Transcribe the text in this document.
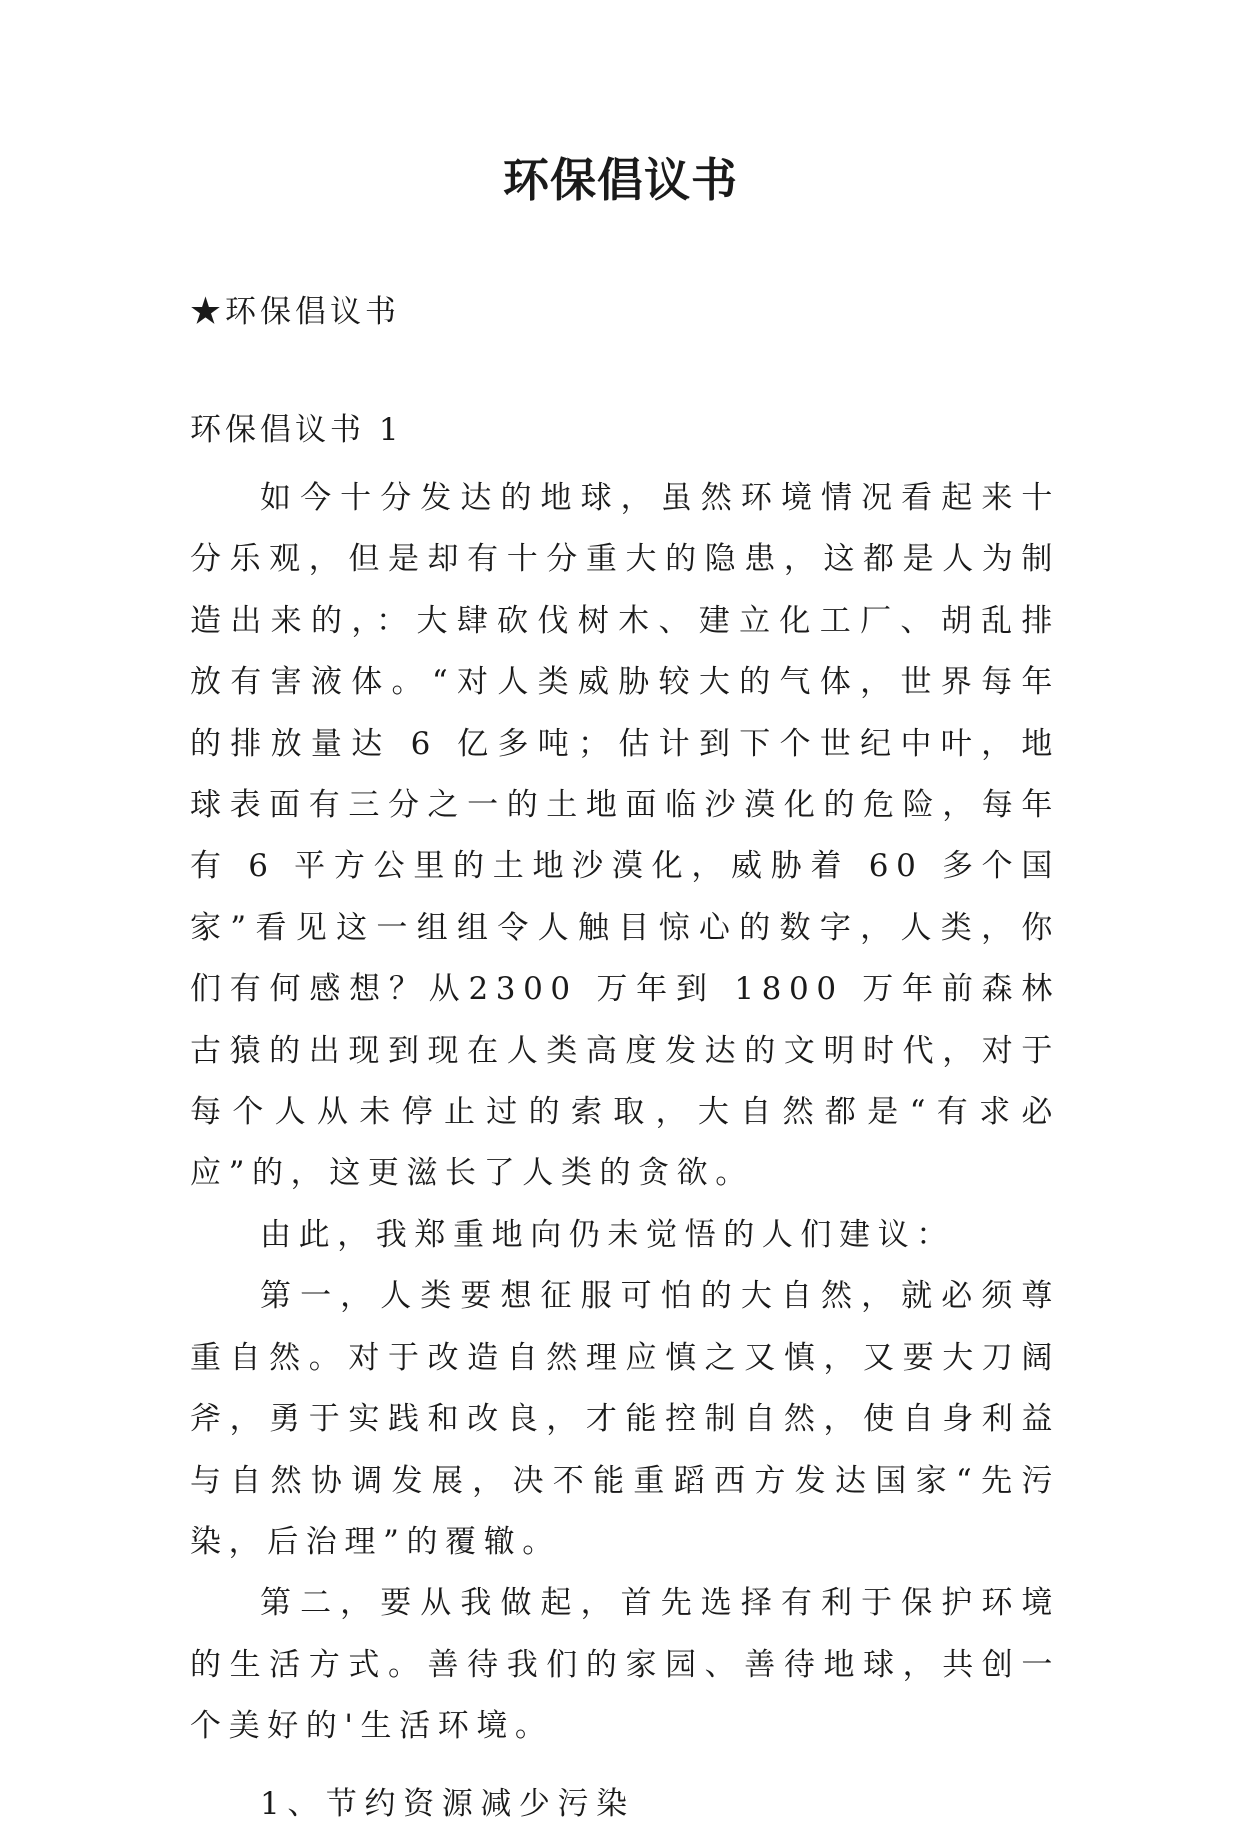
环保倡议书
★环保倡议书
环保倡议书 1

如今十分发达的地球，虽然环境情况看起来十分乐观，但是却有十分重大的隐患，这都是人为制造出来的，：大肆砍伐树木、建立化工厂、胡乱排放有害液体。“对人类威胁较大的气体，世界每年的排放量达 6 亿多吨；估计到下个世纪中叶，地球表面有三分之一的土地面临沙漠化的危险，每年有 6 平方公里的土地沙漠化，威胁着 60 多个国家”看见这一组组令人触目惊心的数字，人类，你们有何感想？从2300 万年到 1800 万年前森林古猿的出现到现在人类高度发达的文明时代，对于每个人从未停止过的索取，大自然都是“有求必应”的，这更滋长了人类的贪欲。

由此，我郑重地向仍未觉悟的人们建议：

第一，人类要想征服可怕的大自然，就必须尊重自然。对于改造自然理应慎之又慎，又要大刀阔斧，勇于实践和改良，才能控制自然，使自身利益与自然协调发展，决不能重蹈西方发达国家“先污染，后治理”的覆辙。

第二，要从我做起，首先选择有利于保护环境的生活方式。善待我们的家园、善待地球，共创一个美好的'生活环境。

1、节约资源减少污染
